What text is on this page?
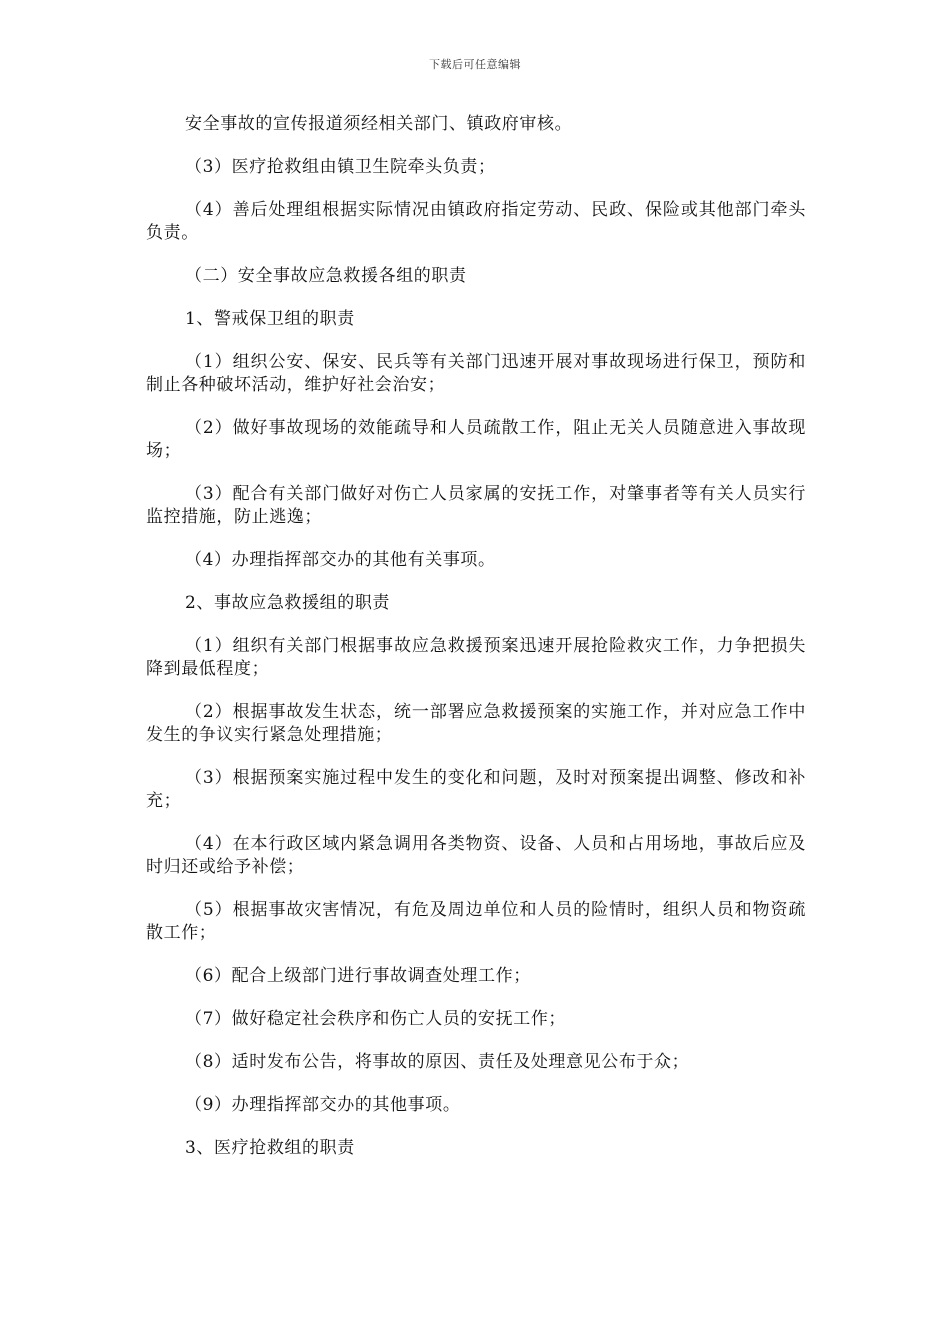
下载后可任意编辑

安全事故的宣传报道须经相关部门、镇政府审核。

（3）医疗抢救组由镇卫生院牵头负责；

（4）善后处理组根据实际情况由镇政府指定劳动、民政、保险或其他部门牵头负责。

（二）安全事故应急救援各组的职责

1、警戒保卫组的职责

（1）组织公安、保安、民兵等有关部门迅速开展对事故现场进行保卫，预防和制止各种破坏活动，维护好社会治安；

（2）做好事故现场的效能疏导和人员疏散工作，阻止无关人员随意进入事故现场；

（3）配合有关部门做好对伤亡人员家属的安抚工作，对肇事者等有关人员实行监控措施，防止逃逸；

（4）办理指挥部交办的其他有关事项。

2、事故应急救援组的职责

（1）组织有关部门根据事故应急救援预案迅速开展抢险救灾工作，力争把损失降到最低程度；

（2）根据事故发生状态，统一部署应急救援预案的实施工作，并对应急工作中发生的争议实行紧急处理措施；

（3）根据预案实施过程中发生的变化和问题，及时对预案提出调整、修改和补充；

（4）在本行政区域内紧急调用各类物资、设备、人员和占用场地，事故后应及时归还或给予补偿；

（5）根据事故灾害情况，有危及周边单位和人员的险情时，组织人员和物资疏散工作；

（6）配合上级部门进行事故调查处理工作；

（7）做好稳定社会秩序和伤亡人员的安抚工作；

（8）适时发布公告，将事故的原因、责任及处理意见公布于众；

（9）办理指挥部交办的其他事项。

3、医疗抢救组的职责
